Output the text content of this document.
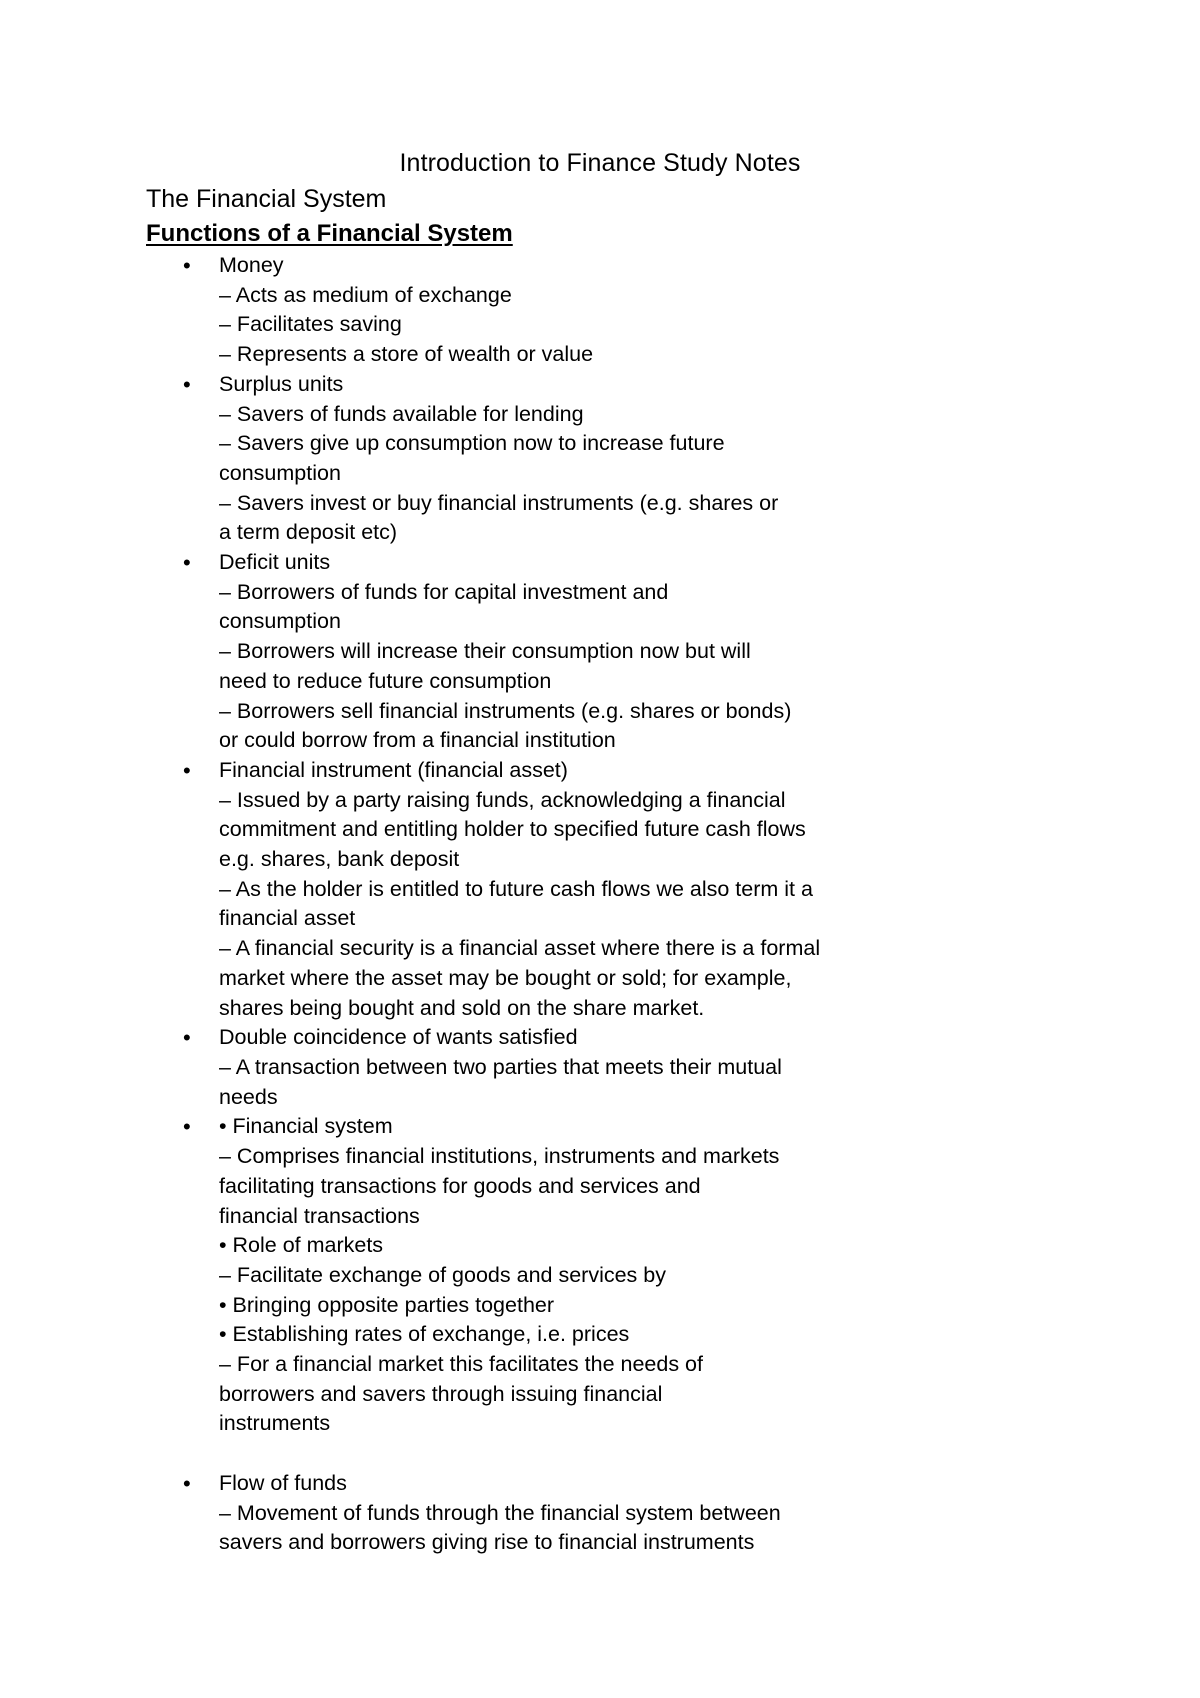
Introduction to Finance Study Notes
The Financial System
Functions of a Financial System
• Money
– Acts as medium of exchange
– Facilitates saving
– Represents a store of wealth or value
• Surplus units
– Savers of funds available for lending
– Savers give up consumption now to increase future
consumption
– Savers invest or buy financial instruments (e.g. shares or
a term deposit etc)
• Deficit units
– Borrowers of funds for capital investment and
consumption
– Borrowers will increase their consumption now but will
need to reduce future consumption
– Borrowers sell financial instruments (e.g. shares or bonds)
or could borrow from a financial institution
• Financial instrument (financial asset)
– Issued by a party raising funds, acknowledging a financial
commitment and entitling holder to specified future cash flows
e.g. shares, bank deposit
– As the holder is entitled to future cash flows we also term it a
financial asset
– A financial security is a financial asset where there is a formal
market where the asset may be bought or sold; for example,
shares being bought and sold on the share market.
• Double coincidence of wants satisfied
– A transaction between two parties that meets their mutual
needs
• • Financial system
– Comprises financial institutions, instruments and markets
facilitating transactions for goods and services and
financial transactions
• Role of markets
– Facilitate exchange of goods and services by
• Bringing opposite parties together
• Establishing rates of exchange, i.e. prices
– For a financial market this facilitates the needs of
borrowers and savers through issuing financial
instruments
• Flow of funds
– Movement of funds through the financial system between
savers and borrowers giving rise to financial instruments
